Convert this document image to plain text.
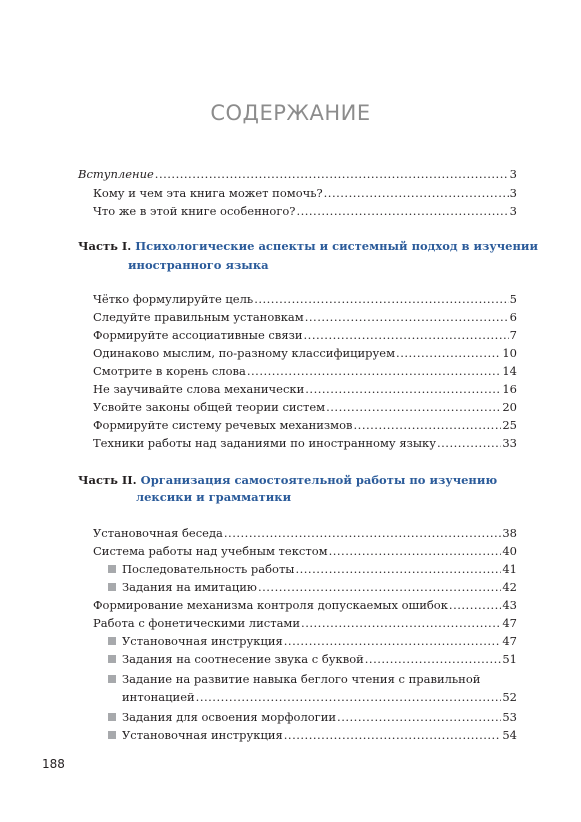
СОДЕРЖАНИЕ
Вступление .....	3
Кому и чем эта книга может помочь? .....	3
Что же в этой книге особенного? .....	3
Часть I. Психологические аспекты и системный подход в изучении
иностранного языка
Чётко формулируйте цель .....	5
Следуйте правильным установкам .....	6
Формируйте ассоциативные связи .....	7
Одинаково мыслим, по-разному классифицируем .....	10
Смотрите в корень слова .....	14
Не заучивайте слова механически .....	16
Усвойте законы общей теории систем .....	20
Формируйте систему речевых механизмов .....	25
Техники работы над заданиями по иностранному языку .....	33
Часть II. Организация самостоятельной работы по изучению
лексики и грамматики
Установочная беседа .....	38
Система работы над учебным текстом .....	40
Последовательность работы .....	41
Задания на имитацию .....	42
Формирование механизма контроля допускаемых ошибок .....	43
Работа с фонетическими листами .....	47
Установочная инструкция .....	47
Задания на соотнесение звука с буквой .....	51
Задание на развитие навыка беглого чтения с правильной
интонацией .....	52
Задания для освоения морфологии .....	53
Установочная инструкция .....	54
188
